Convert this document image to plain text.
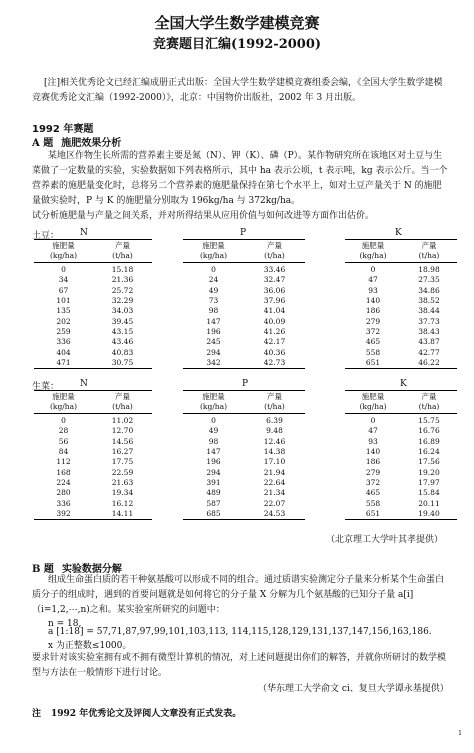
全国大学生数学建模竞赛
竞赛题目汇编(1992-2000)
[注]相关优秀论文已经汇编成册正式出版：全国大学生数学建模竞赛组委会编，《全国大学生数学建模竞赛优秀论文汇编（1992-2000）》，北京：中国物价出版社，2002 年 3 月出版。
1992 年赛题
A 题 施肥效果分析
某地区作物生长所需的营养素主要是氮（N）、钾（K）、磷（P）。某作物研究所在该地区对土豆与生菜做了一定数量的实验，实验数据如下列表格所示，其中 ha 表示公顷，t 表示吨，kg 表示公斤。当一个营养素的施肥量变化时，总将另二个营养素的施肥量保持在第七个水平上，如对土豆产量关于 N 的施肥量做实验时，P 与 K 的施肥量分别取为 196kg/ha 与 372kg/ha。
试分析施肥量与产量之间关系，并对所得结果从应用价值与如何改进等方面作出估价。
土豆： N	P	K
施肥量
(kg/ha)	产量
(t/ha)
0	15.18
34	21.36
67	25.72
101	32.29
135	34.03
202	39.45
259	43.15
336	43.46
404	40.83
471	30.75
施肥量
(kg/ha)	产量
(t/ha)
0	33.46
24	32.47
49	36.06
73	37.96
98	41.04
147	40.09
196	41.26
245	42.17
294	40.36
342	42.73
施肥量
(kg/ha)	产量
(t/ha)
0	18.98
47	27.35
93	34.86
140	38.52
186	38.44
279	37.73
372	38.43
465	43.87
558	42.77
651	46.22
生菜： N	P	K
施肥量
(kg/ha)	产量
(t/ha)
0	11.02
28	12.70
56	14.56
84	16.27
112	17.75
168	22.59
224	21.63
280	19.34
336	16.12
392	14.11
施肥量
(kg/ha)	产量
(t/ha)
0	6.39
49	9.48
98	12.46
147	14.38
196	17.10
294	21.94
391	22.64
489	21.34
587	22.07
685	24.53
施肥量
(kg/ha)	产量
(t/ha)
0	15.75
47	16.76
93	16.89
140	16.24
186	17.56
279	19.20
372	17.97
465	15.84
558	20.11
651	19.40
（北京理工大学叶其孝提供）
B 题 实验数据分解
组成生命蛋白质的若干种氨基酸可以形成不同的组合。通过质谱实验测定分子量来分析某个生命蛋白质分子的组成时，遇到的首要问题就是如何将它的分子量 X 分解为几个氨基酸的已知分子量 a[i]（i=1,2,⋯,n)之和。某实验室所研究的问题中：
n = 18,
a [1:18] = 57,71,87,97,99,101,103,113, 114,115,128,129,131,137,147,156,163,186.
x 为正整数≤1000。
要求针对该实验室拥有或不拥有微型计算机的情况，对上述问题提出你们的解答，并就你所研讨的数学模型与方法在一般情形下进行讨论。
（华东理工大学俞文 ci、复旦大学谭永基提供）
注 1992 年优秀论文及评阅人文章没有正式发表。
1
